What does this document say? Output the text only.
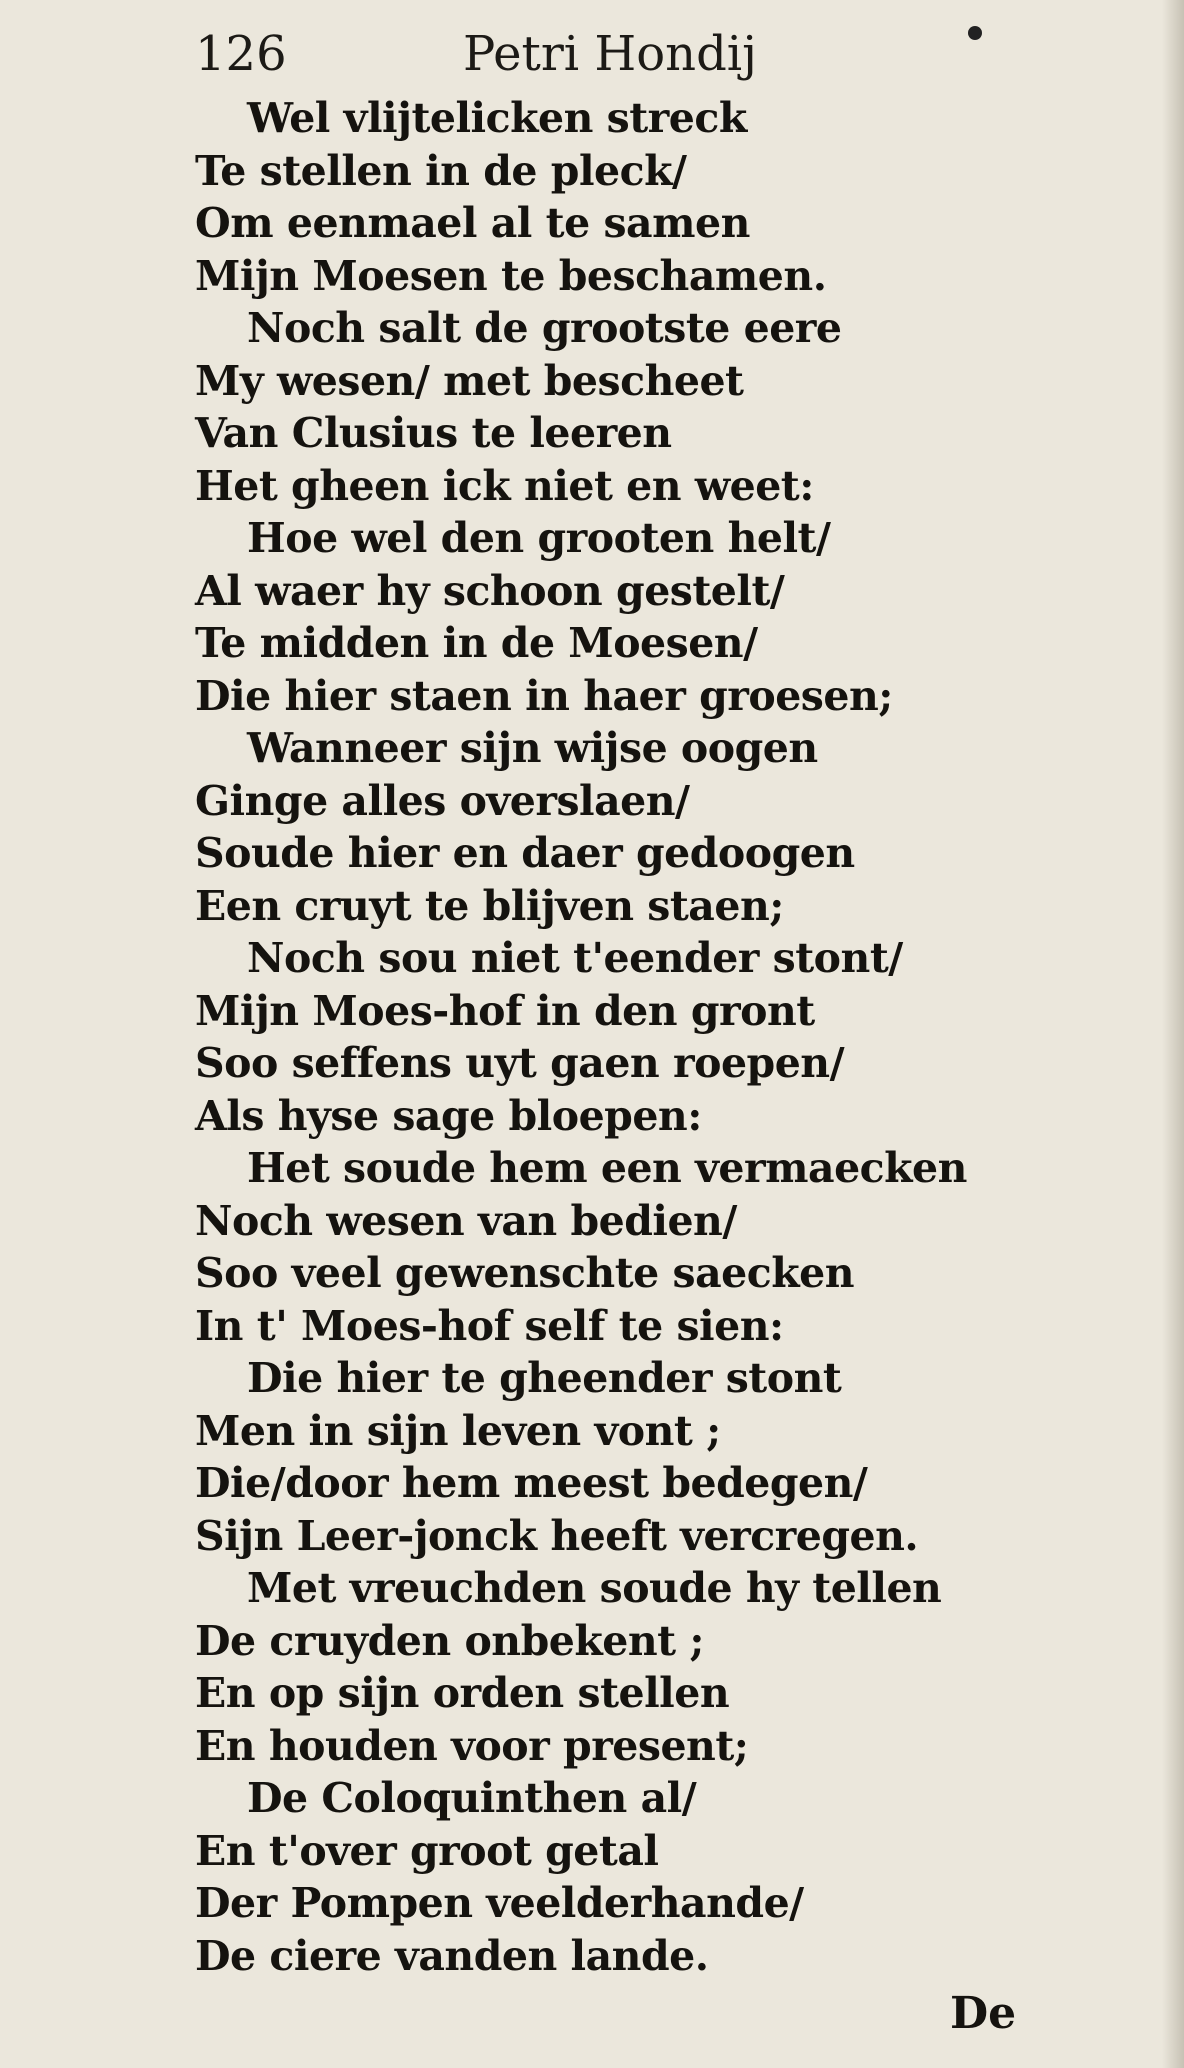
126	Petri Hondij
Wel vlijtelicken streck
Te stellen in de pleck/
Om eenmael al te samen
Mijn Moesen te beschamen.
Noch salt de grootste eere
My wesen/ met bescheet
Van Clusius te leeren
Het gheen ick niet en weet:
Hoe wel den grooten helt/
Al waer hy schoon gestelt/
Te midden in de Moesen/
Die hier staen in haer groesen;
Wanneer sijn wijse oogen
Ginge alles overslaen/
Soude hier en daer gedoogen
Een cruyt te blijven staen;
Noch sou niet t'eender stont/
Mijn Moes-hof in den gront
Soo seffens uyt gaen roepen/
Als hyse sage bloepen:
Het soude hem een vermaecken
Noch wesen van bedien/
Soo veel gewenschte saecken
In t' Moes-hof self te sien:
Die hier te gheender stont
Men in sijn leven vont ;
Die/door hem meest bedegen/
Sijn Leer-jonck heeft vercregen.
Met vreuchden soude hy tellen
De cruyden onbekent ;
En op sijn orden stellen
En houden voor present;
De Coloquinthen al/
En t'over groot getal
Der Pompen veelderhande/
De ciere vanden lande.
De
